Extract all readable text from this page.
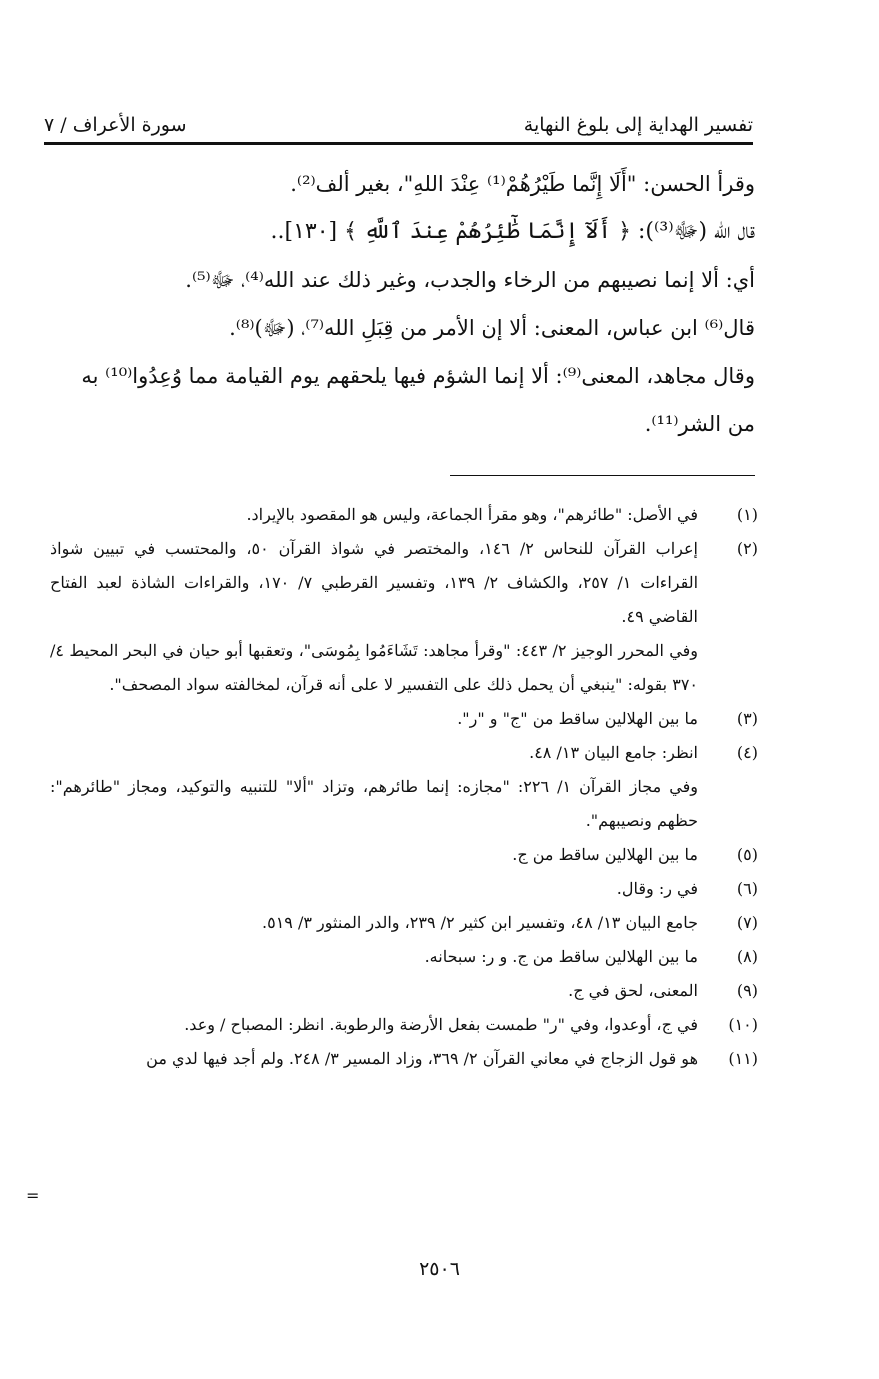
تفسير الهداية إلى بلوغ النهاية
سورة الأعراف / ٧

وقرأ الحسن: "أَلَا إِنَّما طَيْرُهُمْ⁽¹⁾ عِنْدَ اللهِ"، بغير ألف⁽²⁾.

قال الله (ﷻ⁽³⁾): ﴿ أَلَآ إِنَّمَا طَٰٓئِرُهُمْ عِندَ ٱللَّهِ ﴾ [١٣٠]..

أي: ألا إنما نصيبهم من الرخاء والجدب، وغير ذلك عند الله⁽⁴⁾، ﷻ⁽⁵⁾.

قال⁽⁶⁾ ابن عباس، المعنى: ألا إن الأمر من قِبَلِ الله⁽⁷⁾، (ﷻ)⁽⁸⁾.

وقال مجاهد، المعنى⁽⁹⁾: ألا إنما الشؤم فيها يلحقهم يوم القيامة مما وُعِدُوا⁽¹⁰⁾ به

من الشر⁽¹¹⁾.

(١)
في الأصل: "طائرهم"، وهو مقرأ الجماعة، وليس هو المقصود بالإيراد.
(٢)
إعراب القرآن للنحاس ٢/ ١٤٦، والمختصر في شواذ القرآن ٥٠، والمحتسب في تبيين شواذ القراءات ١/ ٢٥٧، والكشاف ٢/ ١٣٩، وتفسير القرطبي ٧/ ١٧٠، والقراءات الشاذة لعبد الفتاح القاضي ٤٩.
وفي المحرر الوجيز ٢/ ٤٤٣: "وقرأ مجاهد: تَشَاءَمُوا بِمُوسَى"، وتعقبها أبو حيان في البحر المحيط ٤/ ٣٧٠ بقوله: "ينبغي أن يحمل ذلك على التفسير لا على أنه قرآن، لمخالفته سواد المصحف".
(٣)
ما بين الهلالين ساقط من "ج" و "ر".
(٤)
انظر: جامع البيان ١٣/ ٤٨.
وفي مجاز القرآن ١/ ٢٢٦: "مجازه: إنما طائرهم، وتزاد "ألا" للتنبيه والتوكيد، ومجاز "طائرهم": حظهم ونصيبهم".
(٥)
ما بين الهلالين ساقط من ج.
(٦)
في ر: وقال.
(٧)
جامع البيان ١٣/ ٤٨، وتفسير ابن كثير ٢/ ٢٣٩، والدر المنثور ٣/ ٥١٩.
(٨)
ما بين الهلالين ساقط من ج. و ر: سبحانه.
(٩)
المعنى، لحق في ج.
(١٠)
في ج، أوعدوا، وفي "ر" طمست بفعل الأرضة والرطوبة. انظر: المصباح / وعد.
(١١)
هو قول الزجاج في معاني القرآن ٢/ ٣٦٩، وزاد المسير ٣/ ٢٤٨. ولم أجد فيها لدي من
=
٢٥٠٦
